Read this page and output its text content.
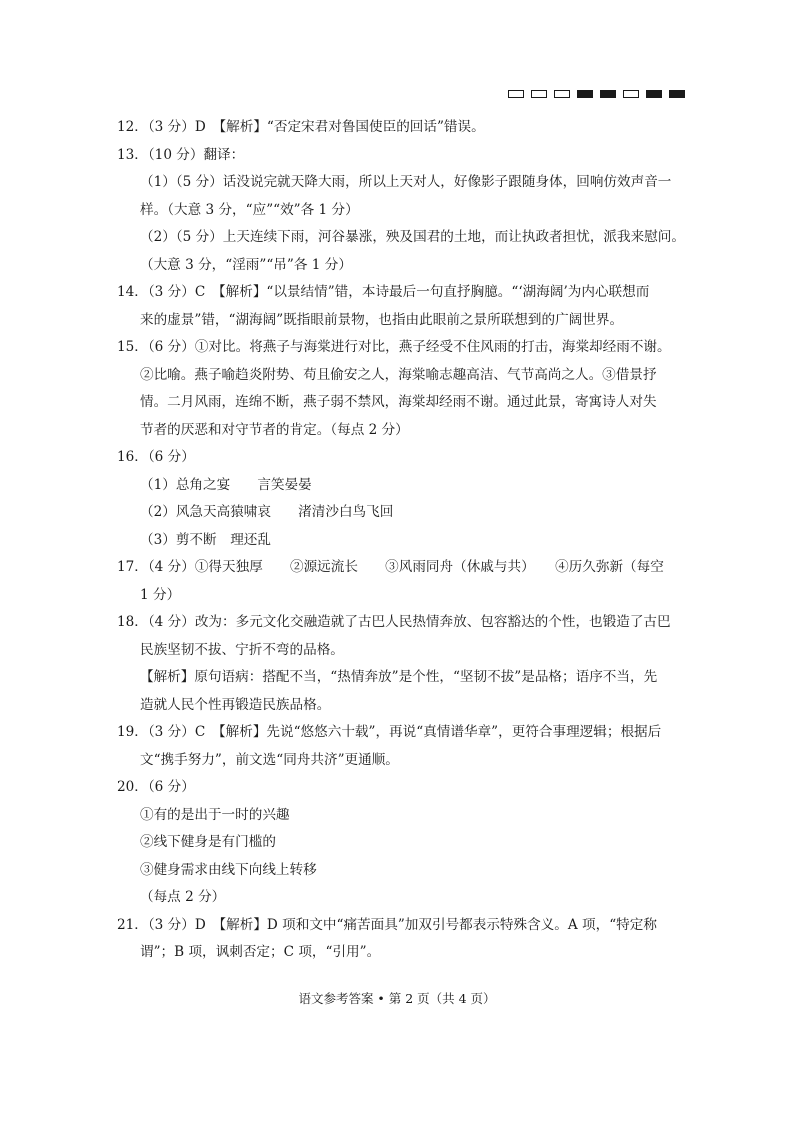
12．（3 分）D　【解析】“否定宋君对鲁国使臣的回话”错误。
13．（10 分）翻译：
（1）（5 分）话没说完就天降大雨，所以上天对人，好像影子跟随身体，回响仿效声音一
样。（大意 3 分，“应”“效”各 1 分）
（2）（5 分）上天连续下雨，河谷暴涨，殃及国君的土地，而让执政者担忧，派我来慰问。
（大意 3 分，“淫雨”“吊”各 1 分）
14．（3 分）C　【解析】“以景结情”错，本诗最后一句直抒胸臆。“‘湖海阔’为内心联想而
来的虚景”错，“湖海阔”既指眼前景物，也指由此眼前之景所联想到的广阔世界。
15．（6 分）①对比。将燕子与海棠进行对比，燕子经受不住风雨的打击，海棠却经雨不谢。
②比喻。燕子喻趋炎附势、苟且偷安之人，海棠喻志趣高洁、气节高尚之人。③借景抒
情。二月风雨，连绵不断，燕子弱不禁风，海棠却经雨不谢。通过此景，寄寓诗人对失
节者的厌恶和对守节者的肯定。（每点 2 分）
16．（6 分）
（1）总角之宴　　言笑晏晏
（2）风急天高猿啸哀　　渚清沙白鸟飞回
（3）剪不断　理还乱
17．（4 分）①得天独厚　　②源远流长　　③风雨同舟（休戚与共）　　④历久弥新（每空
1 分）
18．（4 分）改为：多元文化交融造就了古巴人民热情奔放、包容豁达的个性，也锻造了古巴
民族坚韧不拔、宁折不弯的品格。
【解析】原句语病：搭配不当，“热情奔放”是个性，“坚韧不拔”是品格；语序不当，先
造就人民个性再锻造民族品格。
19．（3 分）C　【解析】先说“悠悠六十载”，再说“真情谱华章”，更符合事理逻辑；根据后
文“携手努力”，前文选“同舟共济”更通顺。
20．（6 分）
①有的是出于一时的兴趣
②线下健身是有门槛的
③健身需求由线下向线上转移
（每点 2 分）
21．（3 分）D　【解析】D 项和文中“痛苦面具”加双引号都表示特殊含义。A 项，“特定称
谓”；B 项，讽刺否定；C 项，“引用”。
语文参考答案 • 第 2 页（共 4 页）
